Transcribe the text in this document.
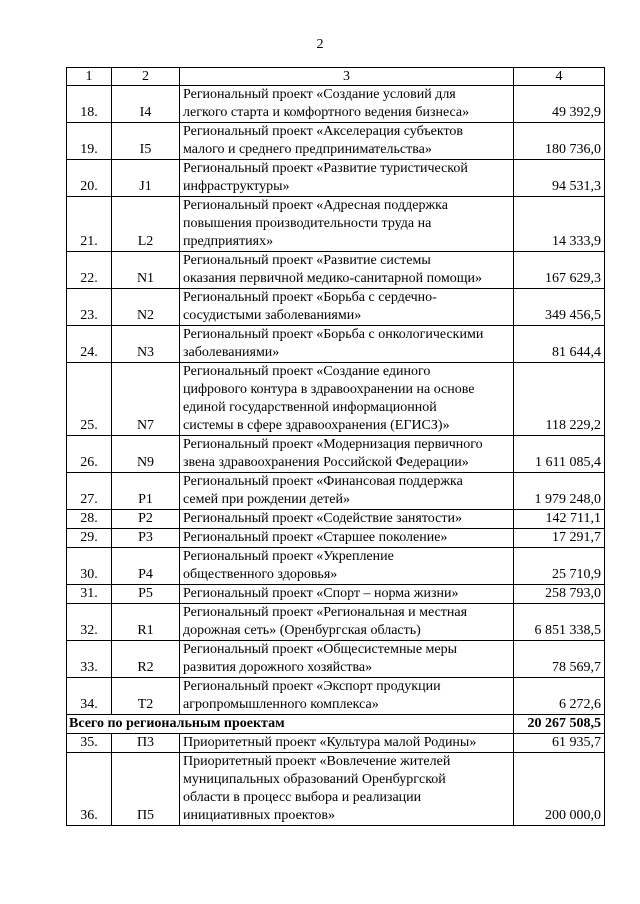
2
1	2	3	4
18.	I4	Региональный проект «Создание условий для
легкого старта и комфортного ведения бизнеса»	49 392,9
19.	I5	Региональный проект «Акселерация субъектов
малого и среднего предпринимательства»	180 736,0
20.	J1	Региональный проект «Развитие туристической
инфраструктуры»	94 531,3
21.	L2	Региональный проект «Адресная поддержка
повышения производительности труда на
предприятиях»	14 333,9
22.	N1	Региональный проект «Развитие системы
оказания первичной медико-санитарной помощи»	167 629,3
23.	N2	Региональный проект «Борьба с сердечно-
сосудистыми заболеваниями»	349 456,5
24.	N3	Региональный проект «Борьба с онкологическими
заболеваниями»	81 644,4
25.	N7	Региональный проект «Создание единого
цифрового контура в здравоохранении на основе
единой государственной информационной
системы в сфере здравоохранения (ЕГИСЗ)»	118 229,2
26.	N9	Региональный проект «Модернизация первичного
звена здравоохранения Российской Федерации»	1 611 085,4
27.	P1	Региональный проект «Финансовая поддержка
семей при рождении детей»	1 979 248,0
28.	P2	Региональный проект «Содействие занятости»	142 711,1
29.	P3	Региональный проект «Старшее поколение»	17 291,7
30.	P4	Региональный проект «Укрепление
общественного здоровья»	25 710,9
31.	P5	Региональный проект «Спорт – норма жизни»	258 793,0
32.	R1	Региональный проект «Региональная и местная
дорожная сеть» (Оренбургская область)	6 851 338,5
33.	R2	Региональный проект «Общесистемные меры
развития дорожного хозяйства»	78 569,7
34.	T2	Региональный проект «Экспорт продукции
агропромышленного комплекса»	6 272,6
Всего по региональным проектам			20 267 508,5
35.	П3	Приоритетный проект «Культура малой Родины»	61 935,7
36.	П5	Приоритетный проект «Вовлечение жителей
муниципальных образований Оренбургской
области в процесс выбора и реализации
инициативных проектов»	200 000,0
